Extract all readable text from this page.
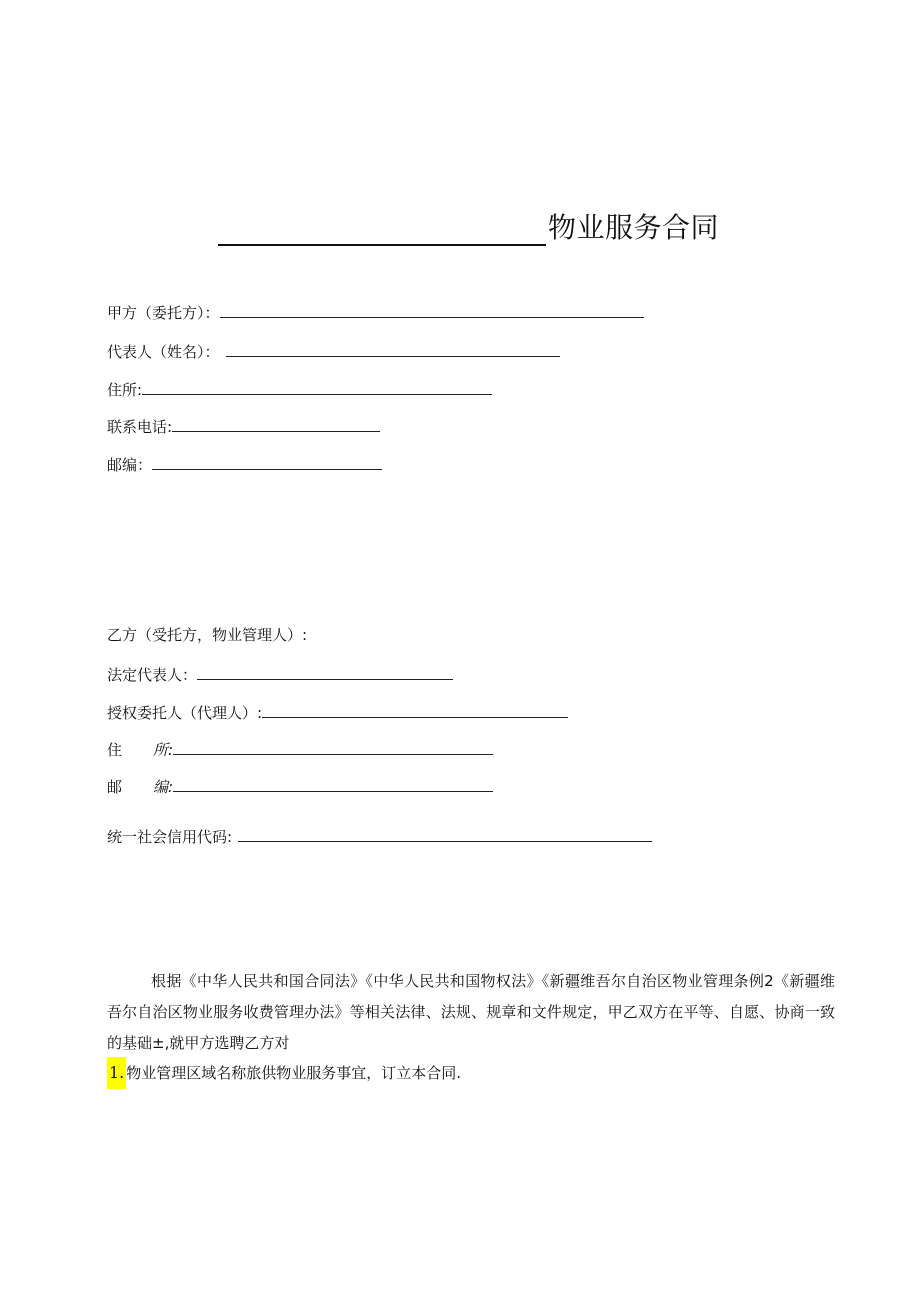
物业服务合同
甲方（委托方）：
代表人（姓名）：
住所:
联系电话:
邮编：
乙方（受托方，物业管理人）:
法定代表人：
授权委托人（代理人）:
住 所:
邮 编:
统一社会信用代码:
根据《中华人民共和国合同法》《中华人民共和国物权法》《新疆维吾尔自治区物业管理条例2《新疆维吾尔自治区物业服务收费管理办法》等相关法律、法规、规章和文件规定，甲乙双方在平等、自愿、协商一致的基础±,就甲方选聘乙方对
1. 物业管理区域名称旅供物业服务事宜，订立本合同.
